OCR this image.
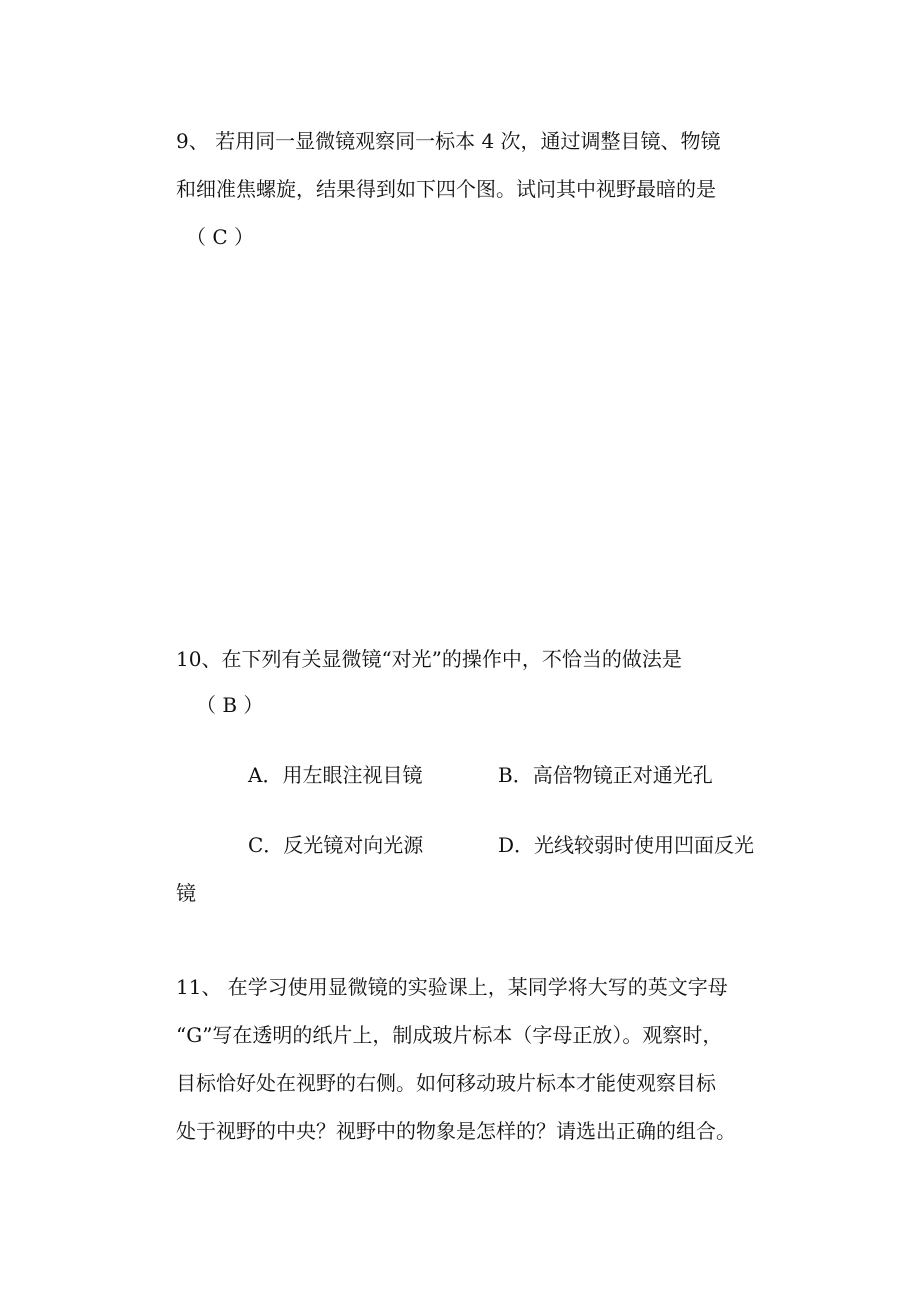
9、 若用同一显微镜观察同一标本 4 次，通过调整目镜、物镜
和细准焦螺旋，结果得到如下四个图。试问其中视野最暗的是
（ C ）
10、在下列有关显微镜“对光”的操作中，不恰当的做法是
（ B ）
A．用左眼注视目镜	B．高倍物镜正对通光孔
C．反光镜对向光源	D．光线较弱时使用凹面反光
镜
11、 在学习使用显微镜的实验课上，某同学将大写的英文字母
“G”写在透明的纸片上，制成玻片标本（字母正放）。观察时，
目标恰好处在视野的右侧。如何移动玻片标本才能使观察目标
处于视野的中央？视野中的物象是怎样的？请选出正确的组合。
